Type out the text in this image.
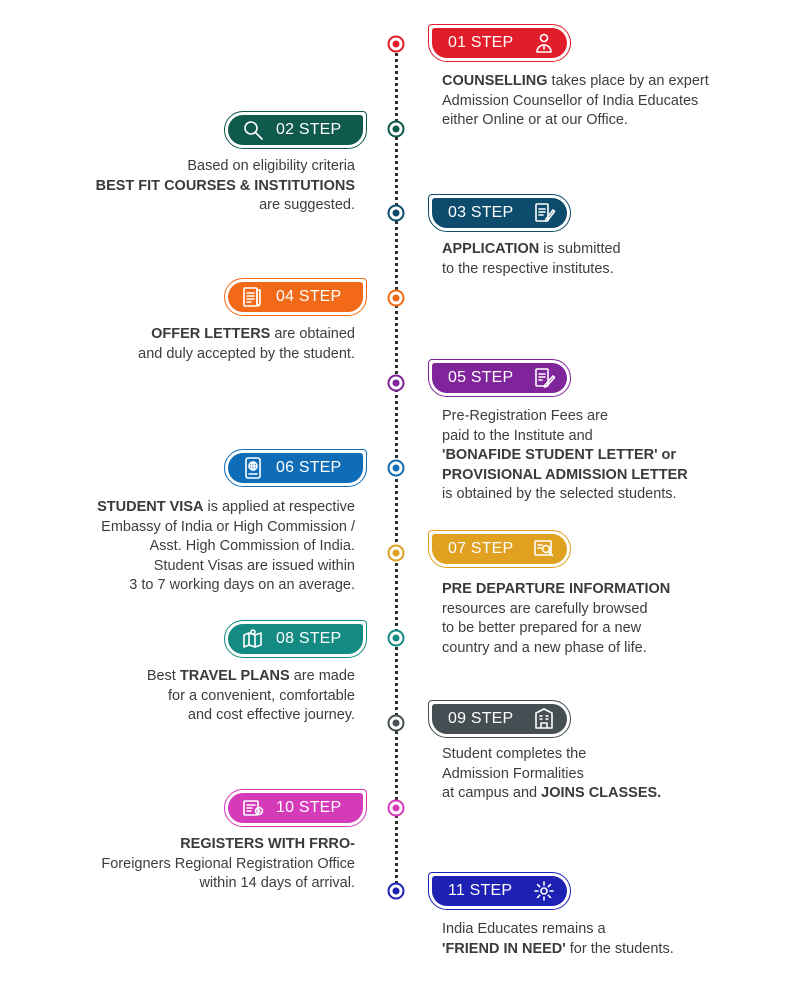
01 STEP
COUNSELLING takes place by an expert
Admission Counsellor of India Educates
either Online or at our Office.
02 STEP
Based on eligibility criteria
BEST FIT COURSES & INSTITUTIONS
are suggested.	03 STEP
APPLICATION is submitted
to the respective institutes.
04 STEP
OFFER LETTERS are obtained
and duly accepted by the student.
05 STEP
Pre-Registration Fees are
paid to the Institute and
'BONAFIDE STUDENT LETTER' or
PROVISIONAL ADMISSION LETTER
is obtained by the selected students.
06 STEP
STUDENT VISA is applied at respective
Embassy of India or High Commission /
Asst. High Commission of India.
Student Visas are issued within
3 to 7 working days on an average.
07 STEP
PRE DEPARTURE INFORMATION
resources are carefully browsed
to be better prepared for a new
country and a new phase of life.
08 STEP
Best TRAVEL PLANS are made
for a convenient, comfortable
and cost effective journey.	09 STEP
Student completes the
Admission Formalities
at campus and JOINS CLASSES.
10 STEP
REGISTERS WITH FRRO-
Foreigners Regional Registration Office
within 14 days of arrival.	11 STEP
India Educates remains a
'FRIEND IN NEED' for the students.
